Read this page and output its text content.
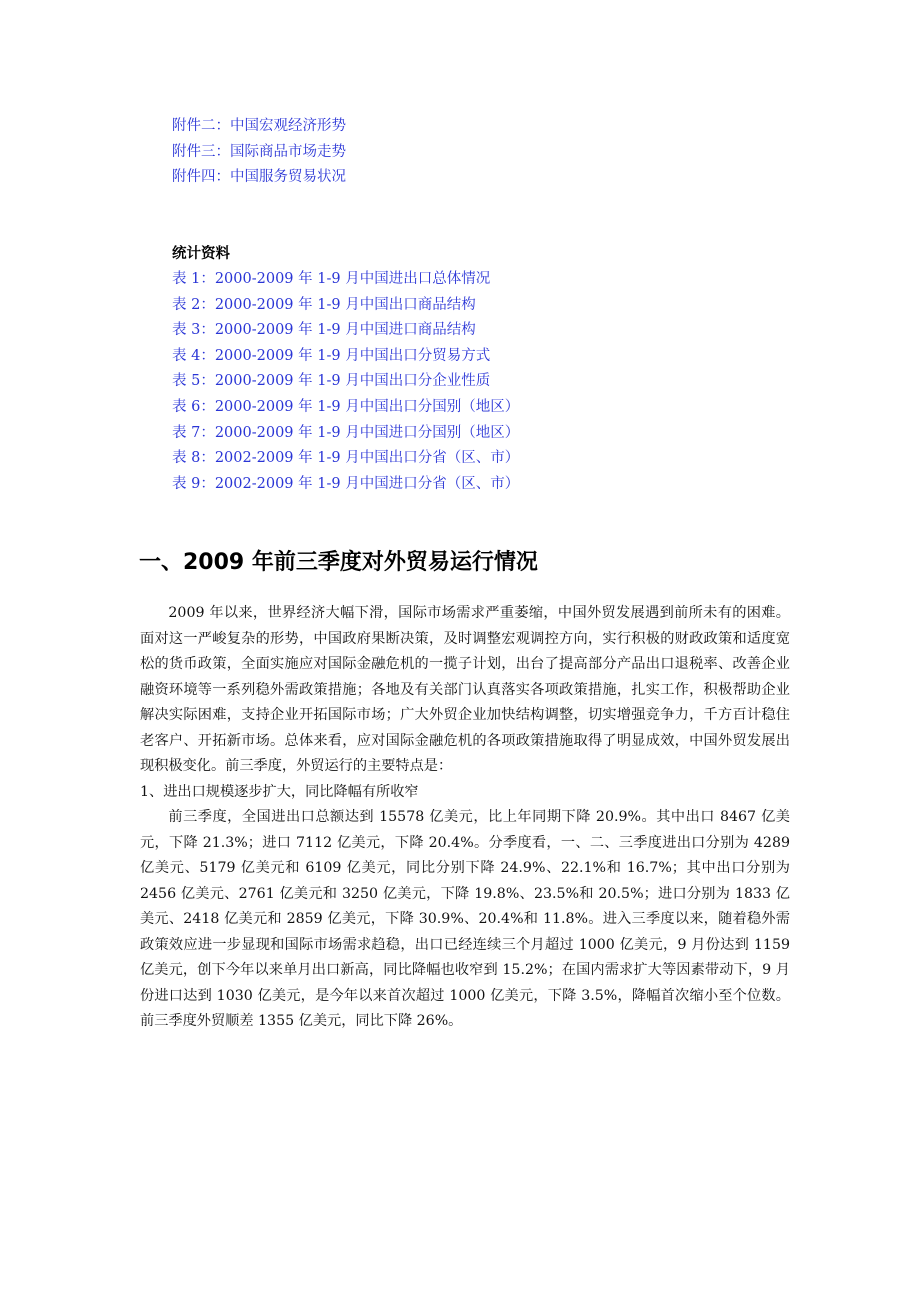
附件二：中国宏观经济形势
附件三：国际商品市场走势
附件四：中国服务贸易状况
统计资料
表 1：2000-2009 年 1-9 月中国进出口总体情况
表 2：2000-2009 年 1-9 月中国出口商品结构
表 3：2000-2009 年 1-9 月中国进口商品结构
表 4：2000-2009 年 1-9 月中国出口分贸易方式
表 5：2000-2009 年 1-9 月中国出口分企业性质
表 6：2000-2009 年 1-9 月中国出口分国别（地区）
表 7：2000-2009 年 1-9 月中国进口分国别（地区）
表 8：2002-2009 年 1-9 月中国出口分省（区、市）
表 9：2002-2009 年 1-9 月中国进口分省（区、市）
一、2009 年前三季度对外贸易运行情况

2009 年以来，世界经济大幅下滑，国际市场需求严重萎缩，中国外贸发展遇到前所未有的困难。面对这一严峻复杂的形势，中国政府果断决策，及时调整宏观调控方向，实行积极的财政政策和适度宽松的货币政策，全面实施应对国际金融危机的一揽子计划，出台了提高部分产品出口退税率、改善企业融资环境等一系列稳外需政策措施；各地及有关部门认真落实各项政策措施，扎实工作，积极帮助企业解决实际困难，支持企业开拓国际市场；广大外贸企业加快结构调整，切实增强竞争力，千方百计稳住老客户、开拓新市场。总体来看，应对国际金融危机的各项政策措施取得了明显成效，中国外贸发展出现积极变化。前三季度，外贸运行的主要特点是：

1、进出口规模逐步扩大，同比降幅有所收窄

前三季度，全国进出口总额达到 15578 亿美元，比上年同期下降 20.9%。其中出口 8467 亿美元，下降 21.3%；进口 7112 亿美元，下降 20.4%。分季度看，一、二、三季度进出口分别为 4289 亿美元、5179 亿美元和 6109 亿美元，同比分别下降 24.9%、22.1%和 16.7%；其中出口分别为 2456 亿美元、2761 亿美元和 3250 亿美元，下降 19.8%、23.5%和 20.5%；进口分别为 1833 亿美元、2418 亿美元和 2859 亿美元，下降 30.9%、20.4%和 11.8%。进入三季度以来，随着稳外需政策效应进一步显现和国际市场需求趋稳，出口已经连续三个月超过 1000 亿美元，9 月份达到 1159 亿美元，创下今年以来单月出口新高，同比降幅也收窄到 15.2%；在国内需求扩大等因素带动下，9 月份进口达到 1030 亿美元，是今年以来首次超过 1000 亿美元，下降 3.5%，降幅首次缩小至个位数。前三季度外贸顺差 1355 亿美元，同比下降 26%。
